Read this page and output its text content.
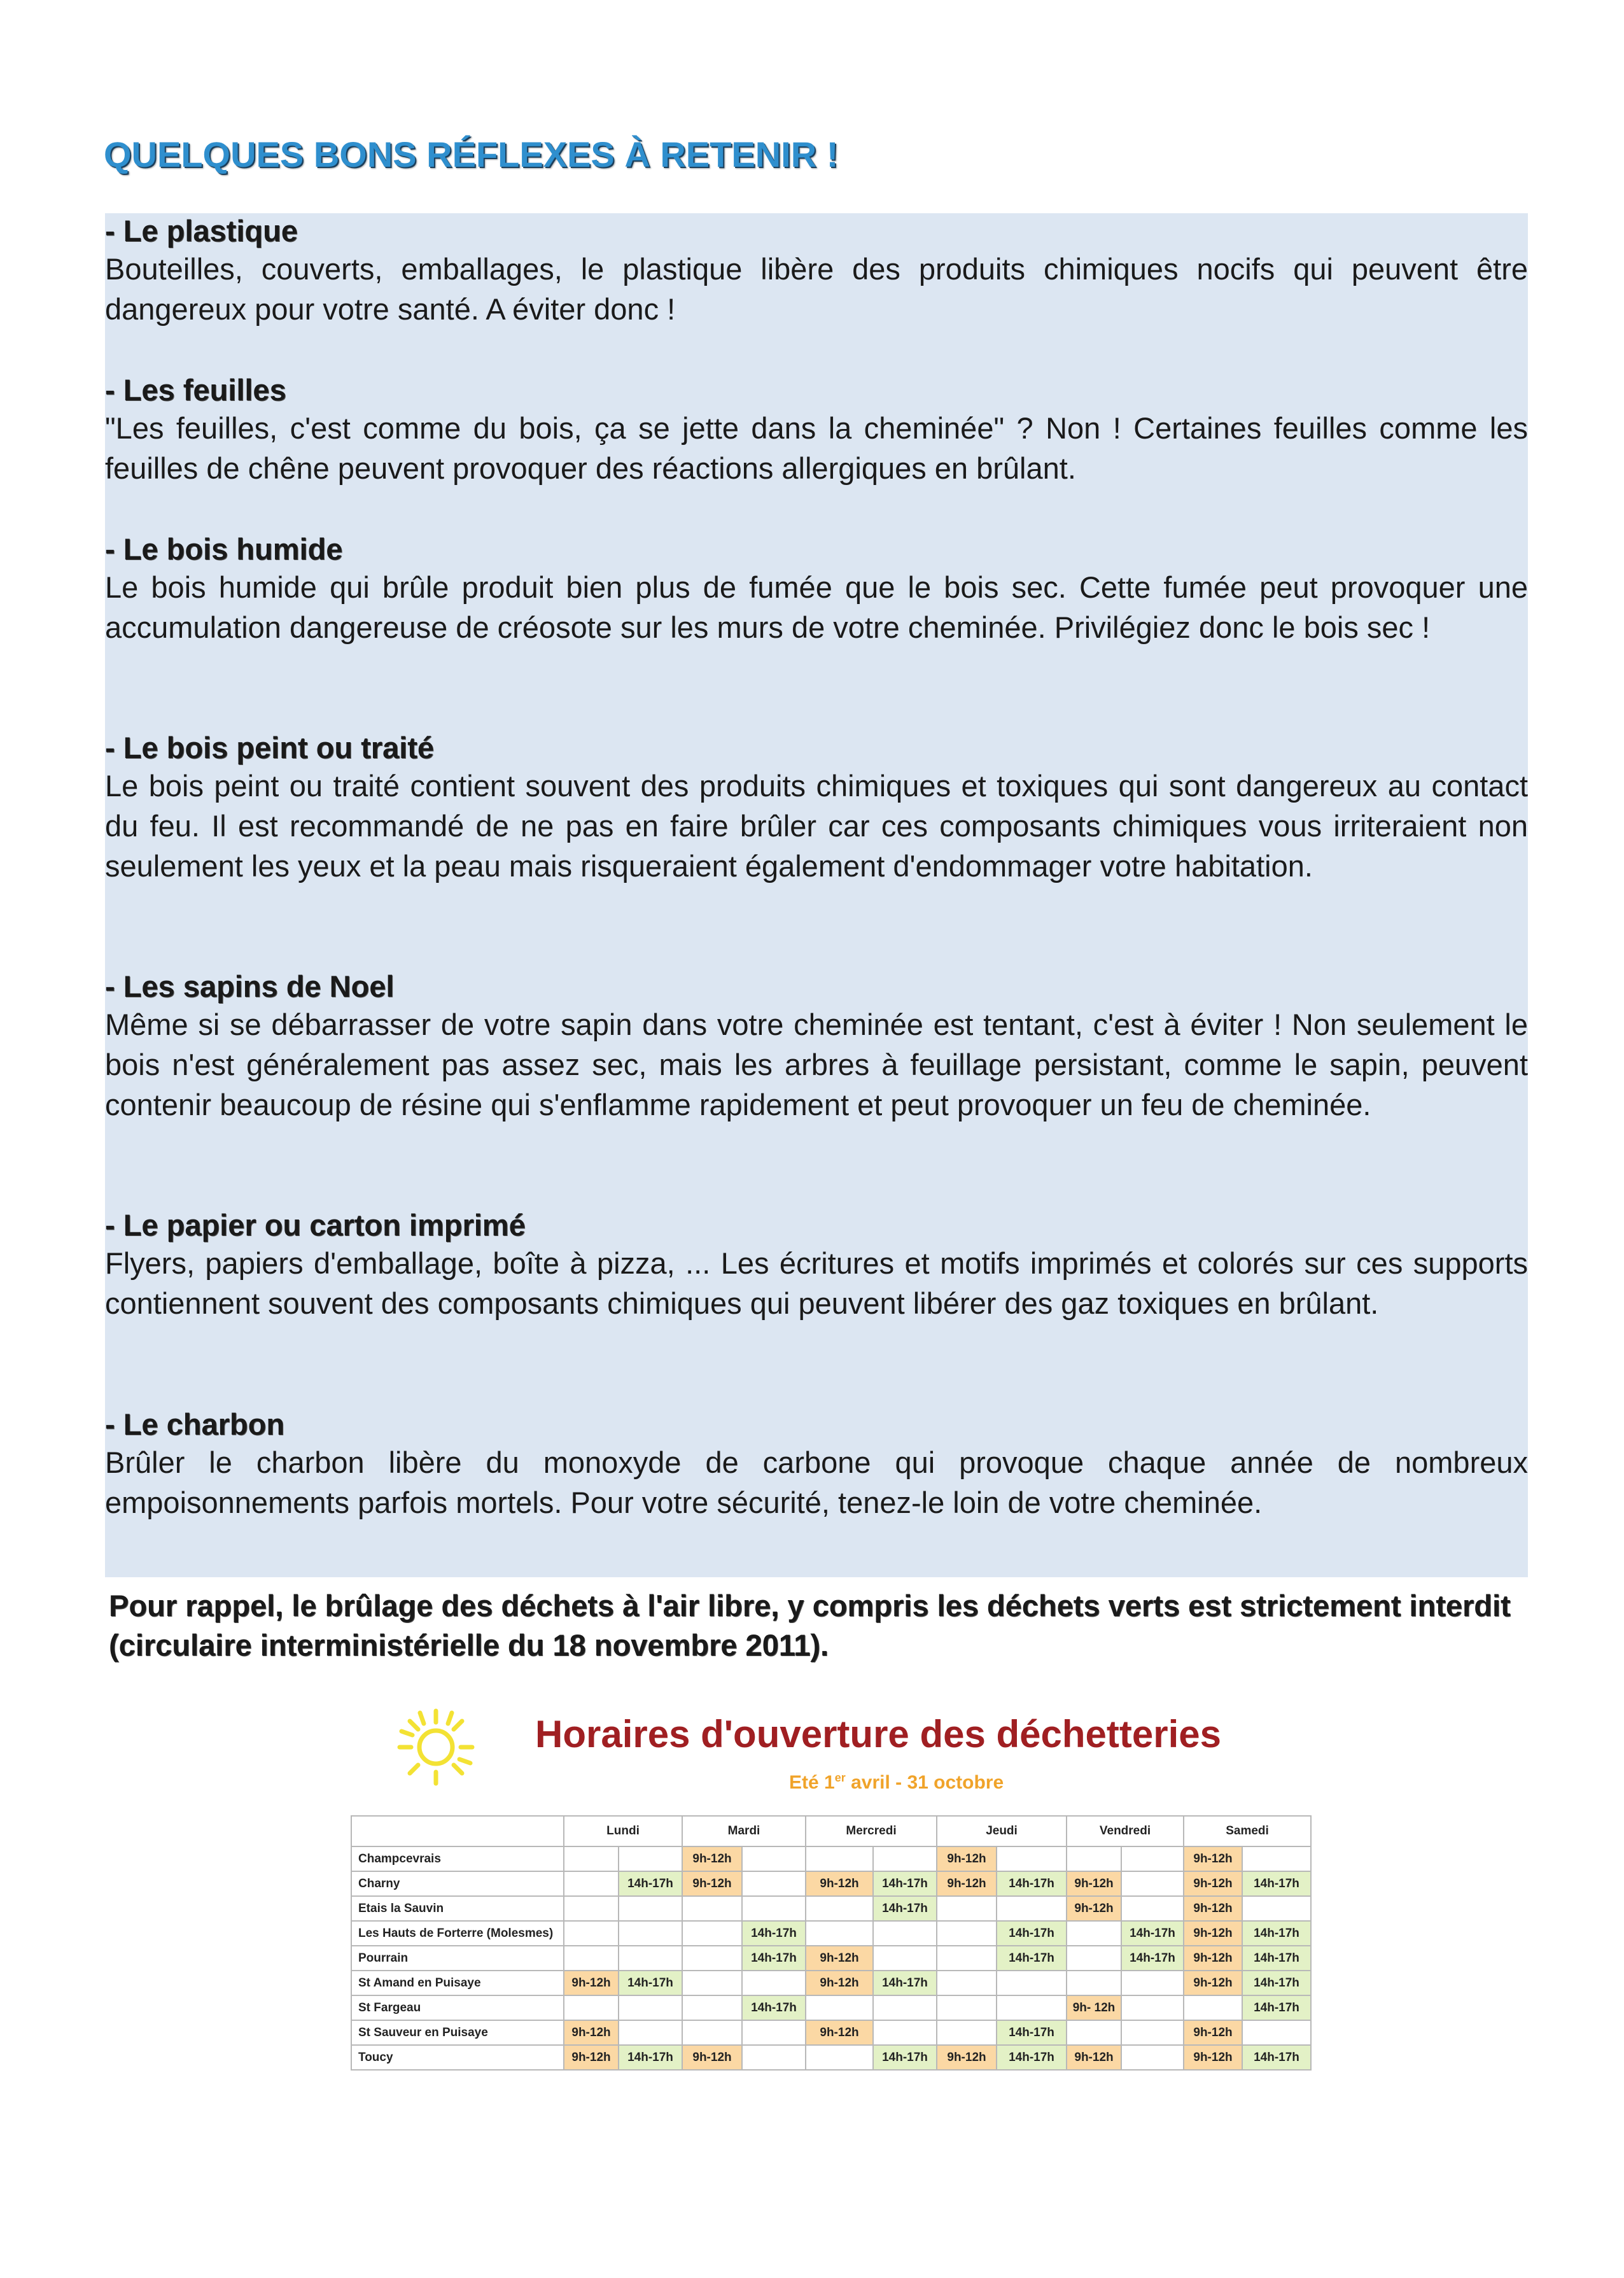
QUELQUES BONS RÉFLEXES À RETENIR !
- Le plastique
Bouteilles, couverts, emballages, le plastique libère des produits chimiques nocifs qui peuvent être dangereux pour votre santé. A éviter donc !
- Les feuilles
"Les feuilles, c'est comme du bois, ça se jette dans la cheminée" ? Non ! Certaines feuilles comme les feuilles de chêne peuvent provoquer des réactions allergiques en brûlant.
- Le bois humide
Le bois humide qui brûle produit bien plus de fumée que le bois sec. Cette fumée peut provoquer une accumulation dangereuse de créosote sur les murs de votre cheminée. Privilégiez donc le bois sec !
- Le bois peint ou traité
Le bois peint ou traité contient souvent des produits chimiques et toxiques qui sont dangereux au contact du feu. Il est recommandé de ne pas en faire brûler car ces composants chimiques vous irriteraient non seulement les yeux et la peau mais risqueraient également d'endommager votre habitation.
- Les sapins de Noel
Même si se débarrasser de votre sapin dans votre cheminée est tentant, c'est à éviter ! Non seulement le bois n'est généralement pas assez sec, mais les arbres à feuillage persistant, comme le sapin, peuvent contenir beaucoup de résine qui s'enflamme rapidement et peut provoquer un feu de cheminée.
- Le papier ou carton imprimé
Flyers, papiers d'emballage, boîte à pizza, ... Les écritures et motifs imprimés et colorés sur ces supports contiennent souvent des composants chimiques qui peuvent libérer des gaz toxiques en brûlant.
- Le charbon
Brûler le charbon libère du monoxyde de carbone qui provoque chaque année de nombreux empoisonnements parfois mortels. Pour votre sécurité, tenez-le loin de votre cheminée.
Pour rappel, le brûlage des déchets à l'air libre, y compris les déchets verts est strictement interdit (circulaire interministérielle du 18 novembre 2011).
Horaires d'ouverture des déchetteries
Eté 1er avril - 31 octobre
	Lundi		Mardi		Mercredi		Jeudi		Vendredi		Samedi	
Champcevrais			9h-12h				9h-12h				9h-12h	
Charny		14h-17h	9h-12h		9h-12h	14h-17h	9h-12h	14h-17h	9h-12h		9h-12h	14h-17h
Etais la Sauvin						14h-17h			9h-12h		9h-12h	
Les Hauts de Forterre (Molesmes)				14h-17h				14h-17h		14h-17h	9h-12h	14h-17h
Pourrain				14h-17h	9h-12h			14h-17h		14h-17h	9h-12h	14h-17h
St Amand en Puisaye	9h-12h	14h-17h			9h-12h	14h-17h					9h-12h	14h-17h
St Fargeau				14h-17h					9h- 12h			14h-17h
St Sauveur en Puisaye	9h-12h				9h-12h			14h-17h			9h-12h	
Toucy	9h-12h	14h-17h	9h-12h			14h-17h	9h-12h	14h-17h	9h-12h		9h-12h	14h-17h
